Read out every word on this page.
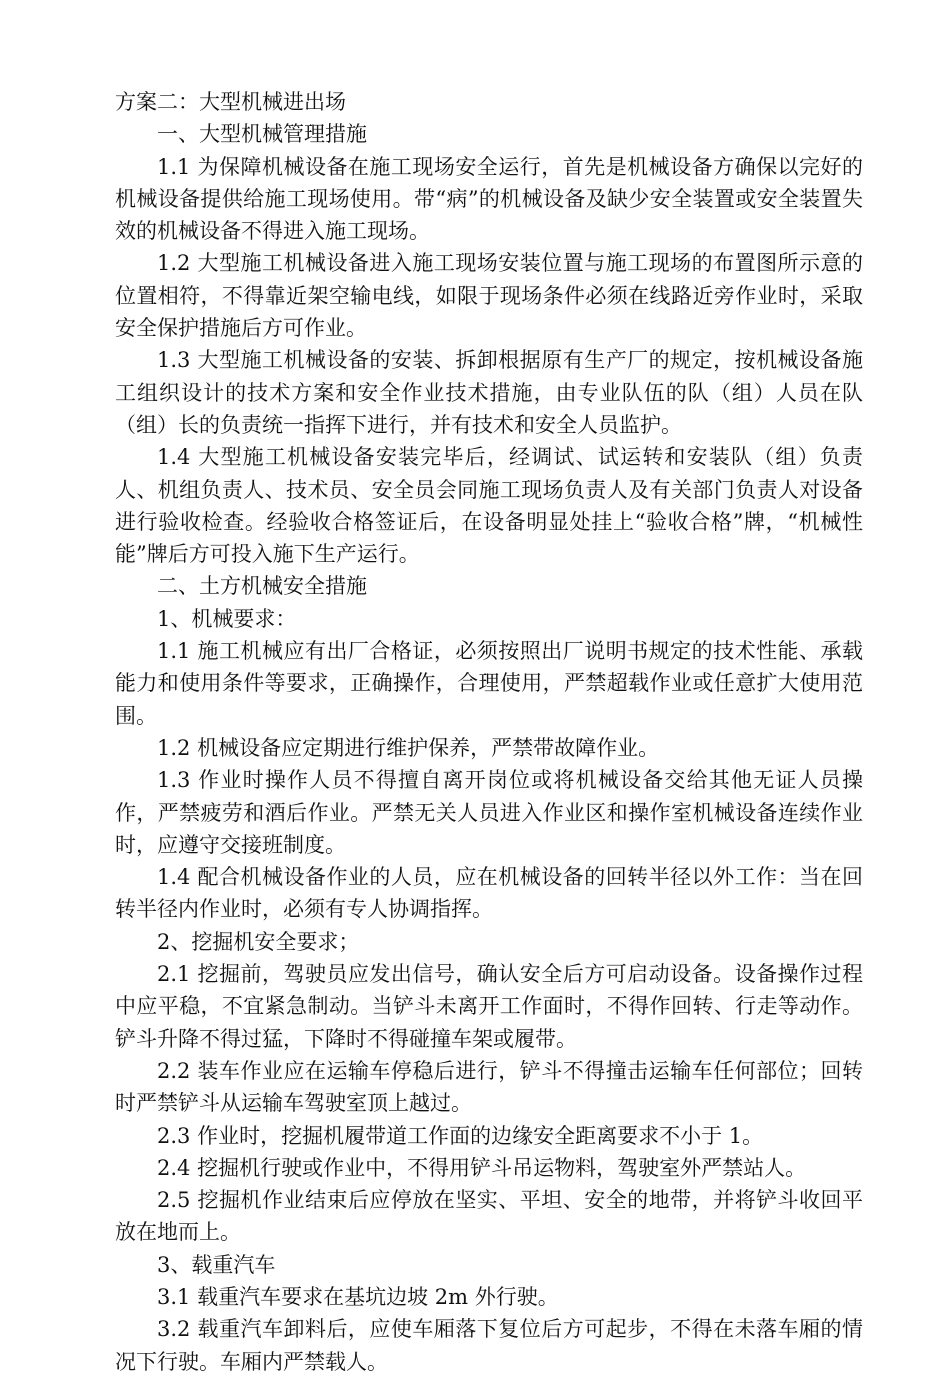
方案二：大型机械进出场

一、大型机械管理措施

1.1 为保障机械设备在施工现场安全运行，首先是机械设备方确保以完好的机械设备提供给施工现场使用。带“病”的机械设备及缺少安全装置或安全装置失效的机械设备不得进入施工现场。

1.2 大型施工机械设备进入施工现场安装位置与施工现场的布置图所示意的位置相符，不得靠近架空输电线，如限于现场条件必须在线路近旁作业时，采取安全保护措施后方可作业。

1.3 大型施工机械设备的安装、拆卸根据原有生产厂的规定，按机械设备施工组织设计的技术方案和安全作业技术措施，由专业队伍的队（组）人员在队（组）长的负责统一指挥下进行，并有技术和安全人员监护。

1.4 大型施工机械设备安装完毕后，经调试、试运转和安装队（组）负责人、机组负责人、技术员、安全员会同施工现场负责人及有关部门负责人对设备进行验收检查。经验收合格签证后，在设备明显处挂上“验收合格”牌，“机械性能”牌后方可投入施下生产运行。

二、土方机械安全措施

1、机械要求：

1.1 施工机械应有出厂合格证，必须按照出厂说明书规定的技术性能、承载能力和使用条件等要求，正确操作，合理使用，严禁超载作业或任意扩大使用范围。

1.2 机械设备应定期进行维护保养，严禁带故障作业。

1.3 作业时操作人员不得擅自离开岗位或将机械设备交给其他无证人员操作，严禁疲劳和酒后作业。严禁无关人员进入作业区和操作室机械设备连续作业时，应遵守交接班制度。

1.4 配合机械设备作业的人员，应在机械设备的回转半径以外工作：当在回转半径内作业时，必须有专人协调指挥。

2、挖掘机安全要求；

2.1 挖掘前，驾驶员应发出信号，确认安全后方可启动设备。设备操作过程中应平稳，不宜紧急制动。当铲斗未离开工作面时，不得作回转、行走等动作。铲斗升降不得过猛，下降时不得碰撞车架或履带。

2.2 装车作业应在运输车停稳后进行，铲斗不得撞击运输车任何部位；回转时严禁铲斗从运输车驾驶室顶上越过。

2.3 作业时，挖掘机履带道工作面的边缘安全距离要求不小于 1。

2.4 挖掘机行驶或作业中，不得用铲斗吊运物料，驾驶室外严禁站人。

2.5 挖掘机作业结束后应停放在坚实、平坦、安全的地带，并将铲斗收回平放在地而上。

3、载重汽车

3.1 载重汽车要求在基坑边坡 2m 外行驶。

3.2 载重汽车卸料后，应使车厢落下复位后方可起步，不得在未落车厢的情况下行驶。车厢内严禁载人。
